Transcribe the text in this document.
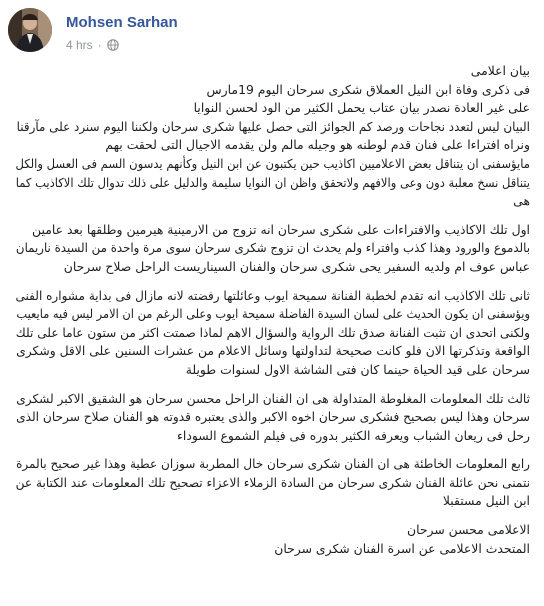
Mohsen Sarhan
4 hrs ·

بيان اعلامى
فى ذكرى وفاة ابن النيل العملاق شكرى سرحان اليوم 19مارس
على غير العادة نصدر بيان عتاب يحمل الكثير من الود لحسن النوايا
البيان ليس لتعدد نجاحات ورصد كم الجوائز التى حصل عليها شكرى سرحان ولكننا اليوم سنرد على مآرقنا
ونراه افتراءا على فنان قدم لوطنه هو وجيله مالم ولن يقدمه الاجيال التى لحقت بهم
مايؤسفنى ان يتناقل بعض الاعلاميين اكاذيب حين يكتبون عن ابن النيل وكأنهم يدسون السم فى العسل والكل
يتناقل نسخ معلبة دون وعى والافهم ولاتحقق واظن ان النوايا سليمة والدليل على ذلك تدوال تلك الاكاذيب كما
هى

اول تلك الاكاذيب والافتراءات على شكرى سرحان انه تزوج من الارمينية هيرمين وطلقها بعد عامين
بالدموع والورود وهذا كذب وافتراء ولم يحدث ان تزوج شكرى سرحان سوى مرة واحدة من السيدة ناريمان
عباس عوف ام ولديه السفير يحى شكرى سرحان والفنان السيناريست الراحل صلاح سرحان

ثانى تلك الاكاذيب انه تقدم لخطبة الفنانة سميحة ايوب وعائلتها رفضته لانه مازال فى بداية مشواره الفنى
ويؤسفنى ان يكون الحديث على لسان السيدة الفاضلة سميحة ايوب وعلى الرغم من ان الامر ليس فيه مايعيب
ولكنى اتحدى ان تثبت الفنانة صدق تلك الرواية والسؤال الاهم لماذا صمتت اكثر من ستون عاما على تلك
الواقعة وتذكرتها الان فلو كانت صحيحة لتداولتها وسائل الاعلام من عشرات السنين على الاقل وشكرى
سرحان على قيد الحياة حينما كان فتى الشاشة الاول لسنوات طويلة

ثالث تلك المعلومات المغلوطة المتداولة هى ان الفنان الراحل محسن سرحان هو الشقيق الاكبر لشكرى
سرحان وهذا ليس بصحيح فشكرى سرحان اخوه الاكبر والذى يعتبره قدوته هو الفنان صلاح سرحان الذى
رحل فى ريعان الشباب ويعرفه الكثير بدوره فى فيلم الشموع السوداء

رابع المعلومات الخاطئة هى ان الفنان شكرى سرحان خال المطربة سوزان عطية وهذا غير صحيح بالمرة
نتمنى نحن عائلة الفنان شكرى سرحان من السادة الزملاء الاعزاء تصحيح تلك المعلومات عند الكتابة عن
ابن النيل مستقبلا

الاعلامى محسن سرحان
المتحدث الاعلامى عن اسرة الفنان شكرى سرحان
